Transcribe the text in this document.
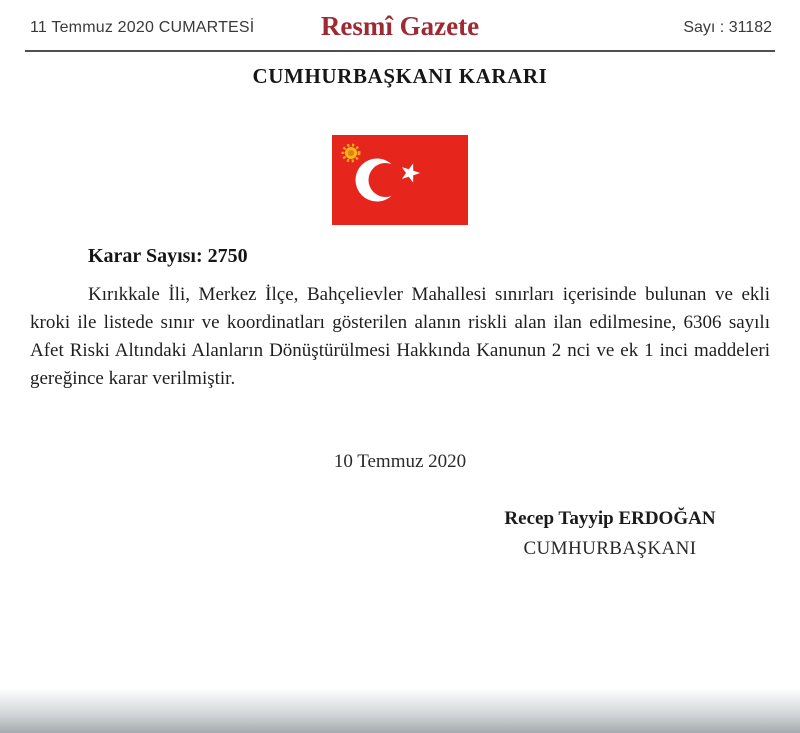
11 Temmuz 2020 CUMARTESİ	Resmî Gazete	Sayı : 31182
CUMHURBAŞKANI KARARI
Karar Sayısı: 2750

Kırıkkale İli, Merkez İlçe, Bahçelievler Mahallesi sınırları içerisinde bulunan ve ekli kroki ile listede sınır ve koordinatları gösterilen alanın riskli alan ilan edilmesine, 6306 sayılı Afet Riski Altındaki Alanların Dönüştürülmesi Hakkında Kanunun 2 nci ve ek 1 inci maddeleri gereğince karar verilmiştir.

10 Temmuz 2020
Recep Tayyip ERDOĞAN
CUMHURBAŞKANI
